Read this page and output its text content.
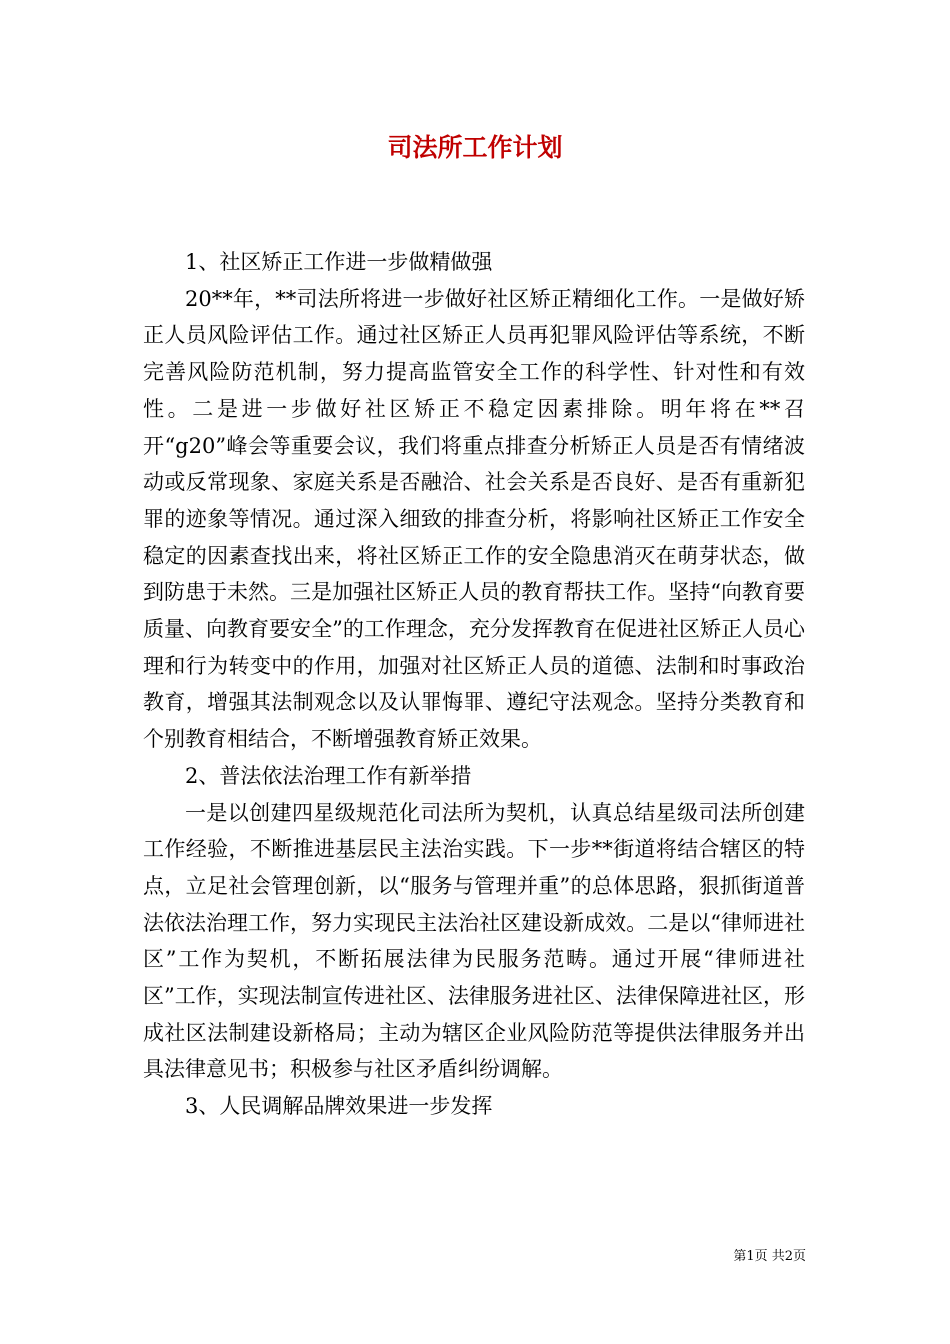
司法所工作计划

1、社区矫正工作进一步做精做强

20**年，**司法所将进一步做好社区矫正精细化工作。一是做好矫正人员风险评估工作。通过社区矫正人员再犯罪风险评估等系统，不断完善风险防范机制，努力提高监管安全工作的科学性、针对性和有效性。二是进一步做好社区矫正不稳定因素排除。明年将在**召开“g20”峰会等重要会议，我们将重点排查分析矫正人员是否有情绪波动或反常现象、家庭关系是否融洽、社会关系是否良好、是否有重新犯罪的迹象等情况。通过深入细致的排查分析，将影响社区矫正工作安全稳定的因素查找出来，将社区矫正工作的安全隐患消灭在萌芽状态，做到防患于未然。三是加强社区矫正人员的教育帮扶工作。坚持“向教育要质量、向教育要安全”的工作理念，充分发挥教育在促进社区矫正人员心理和行为转变中的作用，加强对社区矫正人员的道德、法制和时事政治教育，增强其法制观念以及认罪悔罪、遵纪守法观念。坚持分类教育和个别教育相结合，不断增强教育矫正效果。

2、普法依法治理工作有新举措

一是以创建四星级规范化司法所为契机，认真总结星级司法所创建工作经验，不断推进基层民主法治实践。下一步**街道将结合辖区的特点，立足社会管理创新，以“服务与管理并重”的总体思路，狠抓街道普法依法治理工作，努力实现民主法治社区建设新成效。二是以“律师进社区”工作为契机，不断拓展法律为民服务范畴。通过开展“律师进社区”工作，实现法制宣传进社区、法律服务进社区、法律保障进社区，形成社区法制建设新格局；主动为辖区企业风险防范等提供法律服务并出具法律意见书；积极参与社区矛盾纠纷调解。

3、人民调解品牌效果进一步发挥

第1页 共2页
